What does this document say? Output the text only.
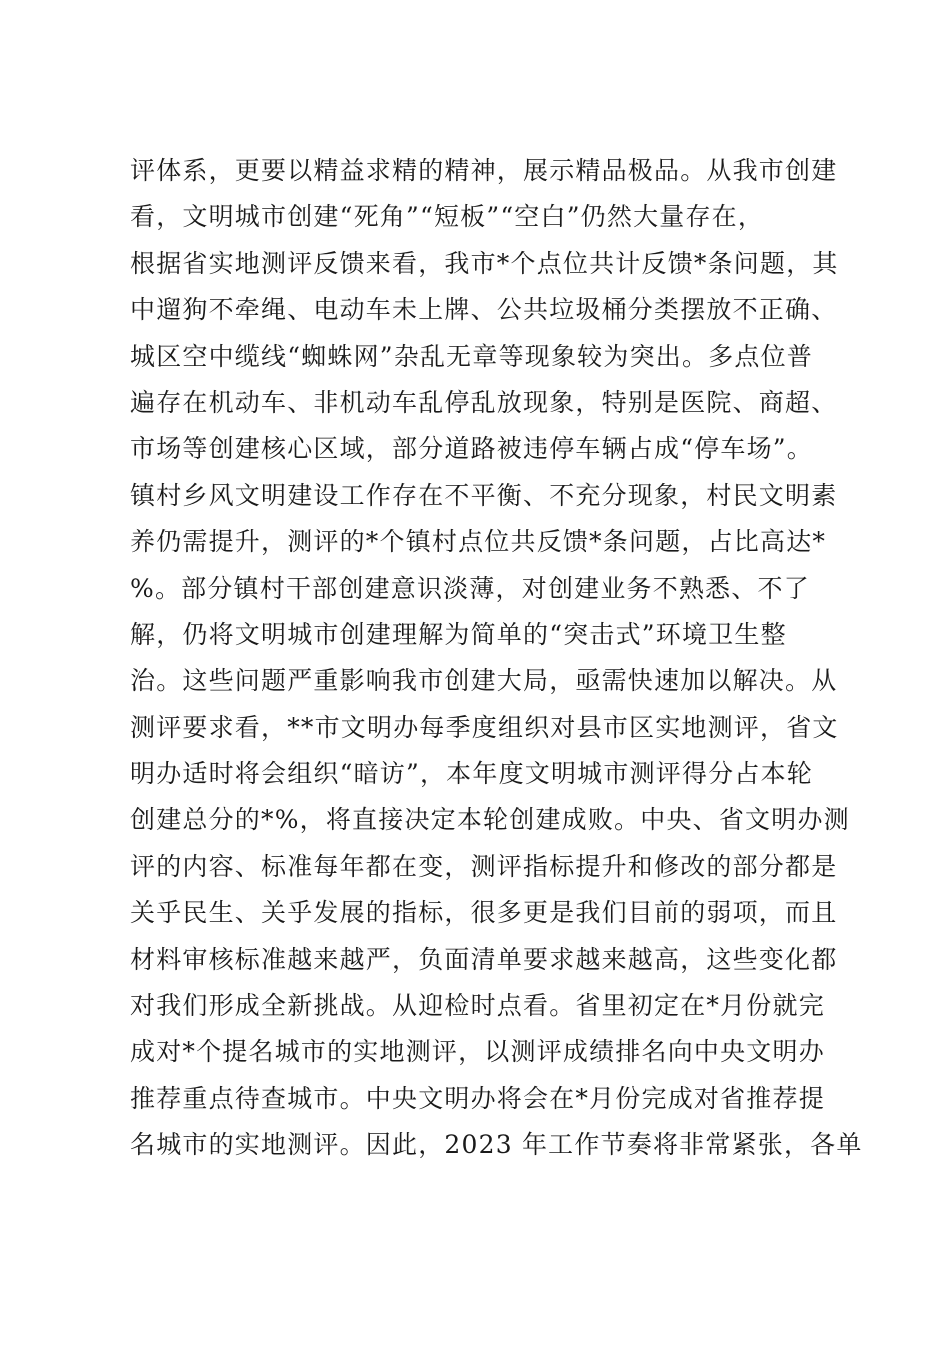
评体系，更要以精益求精的精神，展示精品极品。从我市创建
看，文明城市创建“死角”“短板”“空白”仍然大量存在，
根据省实地测评反馈来看，我市*个点位共计反馈*条问题，其
中遛狗不牵绳、电动车未上牌、公共垃圾桶分类摆放不正确、
城区空中缆线“蜘蛛网”杂乱无章等现象较为突出。多点位普
遍存在机动车、非机动车乱停乱放现象，特别是医院、商超、
市场等创建核心区域，部分道路被违停车辆占成“停车场”。
镇村乡风文明建设工作存在不平衡、不充分现象，村民文明素
养仍需提升，测评的*个镇村点位共反馈*条问题，占比高达*
%。部分镇村干部创建意识淡薄，对创建业务不熟悉、不了
解，仍将文明城市创建理解为简单的“突击式”环境卫生整
治。这些问题严重影响我市创建大局，亟需快速加以解决。从
测评要求看，**市文明办每季度组织对县市区实地测评，省文
明办适时将会组织“暗访”，本年度文明城市测评得分占本轮
创建总分的*%，将直接决定本轮创建成败。中央、省文明办测
评的内容、标准每年都在变，测评指标提升和修改的部分都是
关乎民生、关乎发展的指标，很多更是我们目前的弱项，而且
材料审核标准越来越严，负面清单要求越来越高，这些变化都
对我们形成全新挑战。从迎检时点看。省里初定在*月份就完
成对*个提名城市的实地测评，以测评成绩排名向中央文明办
推荐重点待查城市。中央文明办将会在*月份完成对省推荐提
名城市的实地测评。因此，2023 年工作节奏将非常紧张，各单
